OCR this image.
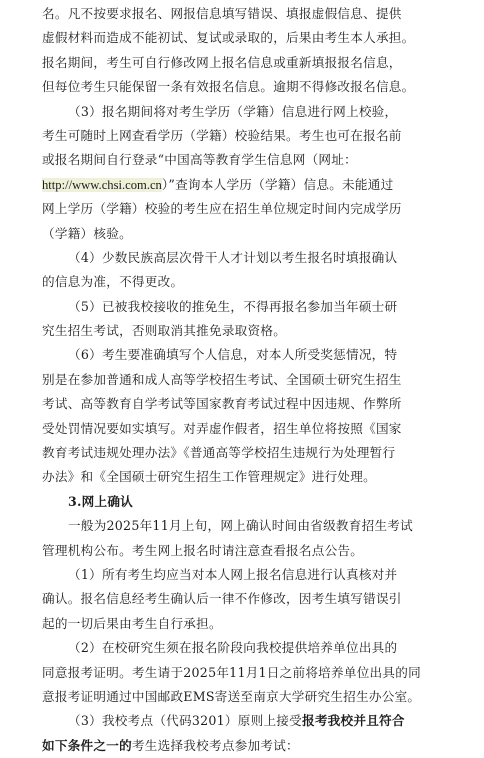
名。凡不按要求报名、网报信息填写错误、填报虚假信息、提供
虚假材料而造成不能初试、复试或录取的，后果由考生本人承担。
报名期间，考生可自行修改网上报名信息或重新填报报名信息，
但每位考生只能保留一条有效报名信息。逾期不得修改报名信息。
（3）报名期间将对考生学历（学籍）信息进行网上校验，
考生可随时上网查看学历（学籍）校验结果。考生也可在报名前
或报名期间自行登录“中国高等教育学生信息网（网址：
http://www.chsi.com.cn）”查询本人学历（学籍）信息。未能通过
网上学历（学籍）校验的考生应在招生单位规定时间内完成学历
（学籍）核验。
（4）少数民族高层次骨干人才计划以考生报名时填报确认
的信息为准，不得更改。
（5）已被我校接收的推免生，不得再报名参加当年硕士研
究生招生考试，否则取消其推免录取资格。
（6）考生要准确填写个人信息，对本人所受奖惩情况，特
别是在参加普通和成人高等学校招生考试、全国硕士研究生招生
考试、高等教育自学考试等国家教育考试过程中因违规、作弊所
受处罚情况要如实填写。对弄虚作假者，招生单位将按照《国家
教育考试违规处理办法》《普通高等学校招生违规行为处理暂行
办法》和《全国硕士研究生招生工作管理规定》进行处理。
3.网上确认
一般为2025年11月上旬，网上确认时间由省级教育招生考试
管理机构公布。考生网上报名时请注意查看报名点公告。
（1）所有考生均应当对本人网上报名信息进行认真核对并
确认。报名信息经考生确认后一律不作修改，因考生填写错误引
起的一切后果由考生自行承担。
（2）在校研究生须在报名阶段向我校提供培养单位出具的
同意报考证明。考生请于2025年11月1日之前将培养单位出具的同
意报考证明通过中国邮政EMS寄送至南京大学研究生招生办公室。
（3）我校考点（代码3201）原则上接受报考我校并且符合
如下条件之一的考生选择我校考点参加考试：
